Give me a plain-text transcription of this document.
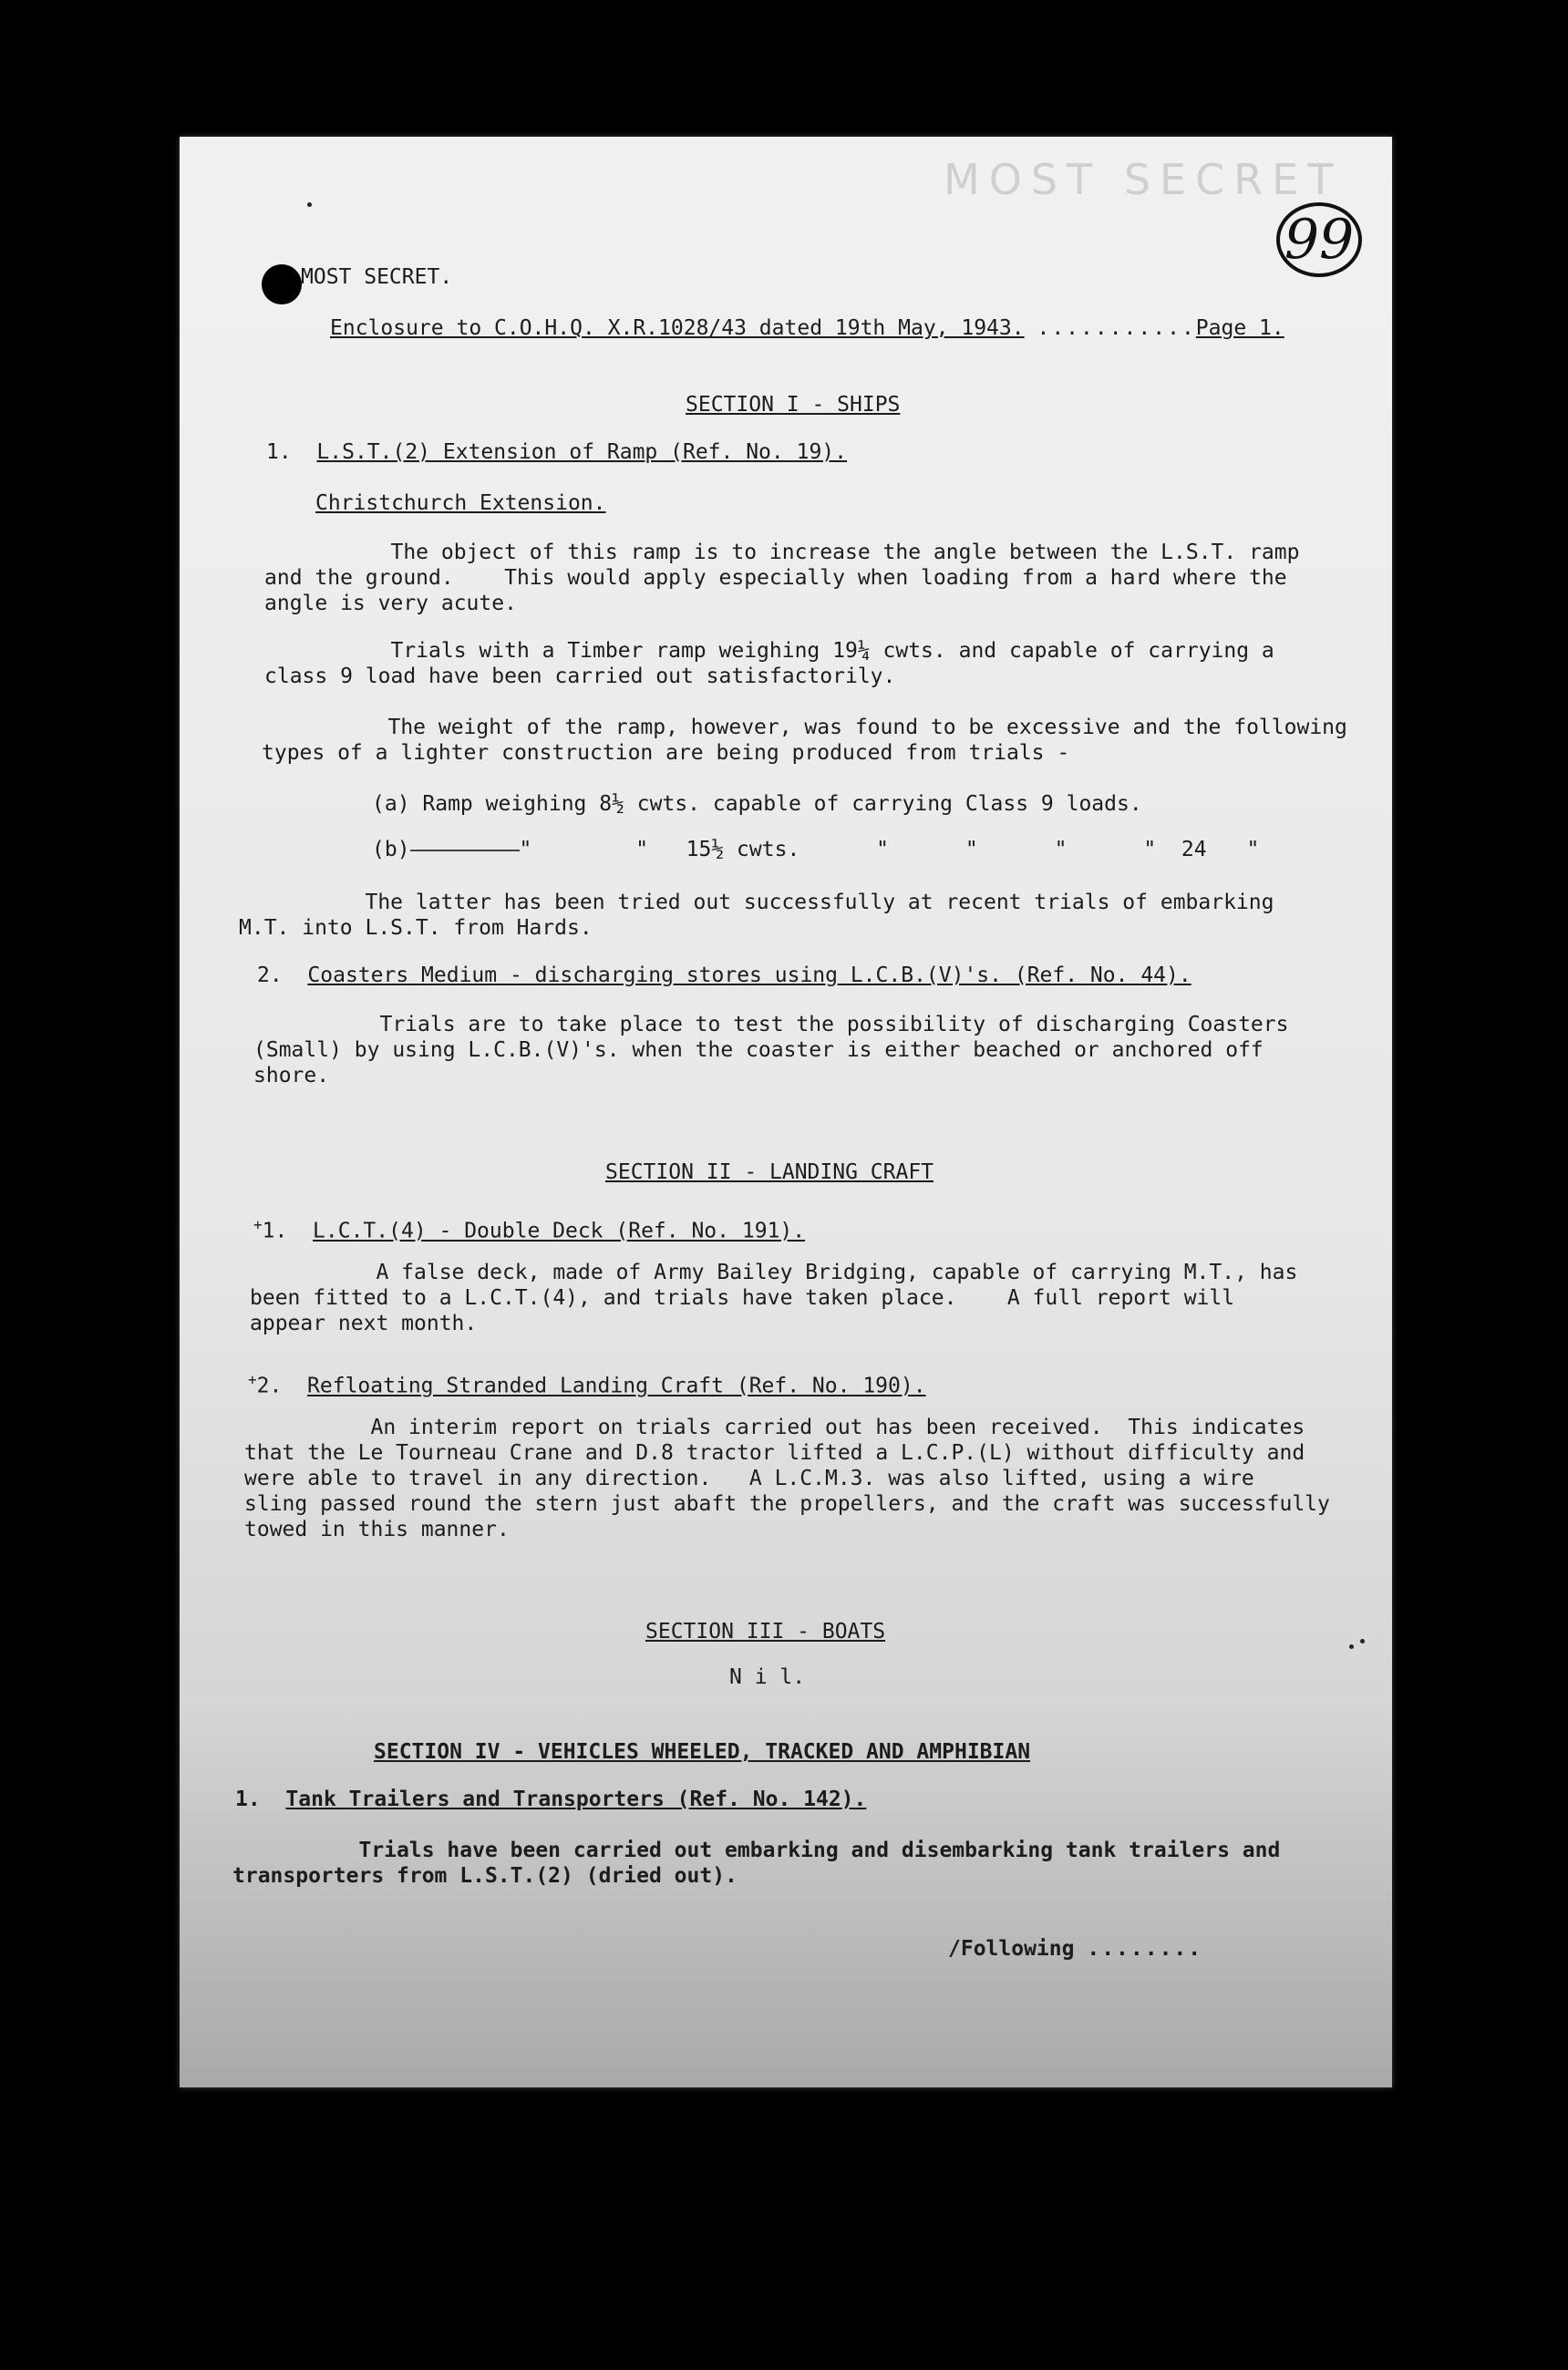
MOST SECRET
99

MOST SECRET.

Enclosure to C.O.H.Q. X.R.1028/43 dated 19th May, 1943. ...........Page 1.

SECTION I - SHIPS

1. L.S.T.(2) Extension of Ramp (Ref. No. 19).

Christchurch Extension.

The object of this ramp is to increase the angle between the L.S.T. ramp
and the ground.    This would apply especially when loading from a hard where the
angle is very acute.

Trials with a Timber ramp weighing 19¼ cwts. and capable of carrying a
class 9 load have been carried out satisfactorily.

The weight of the ramp, however, was found to be excessive and the following
types of a lighter construction are being produced from trials -

(a) Ramp weighing 8½ cwts. capable of carrying Class 9 loads.

(b)	"	" 15½ cwts.	"	"	"	" 24 "

The latter has been tried out successfully at recent trials of embarking
M.T. into L.S.T. from Hards.

2. Coasters Medium - discharging stores using L.C.B.(V)'s. (Ref. No. 44).

Trials are to take place to test the possibility of discharging Coasters
(Small) by using L.C.B.(V)'s. when the coaster is either beached or anchored off
shore.

SECTION II - LANDING CRAFT

+1. L.C.T.(4) - Double Deck (Ref. No. 191).

A false deck, made of Army Bailey Bridging, capable of carrying M.T., has
been fitted to a L.C.T.(4), and trials have taken place.    A full report will
appear next month.

+2. Refloating Stranded Landing Craft (Ref. No. 190).

An interim report on trials carried out has been received.  This indicates
that the Le Tourneau Crane and D.8 tractor lifted a L.C.P.(L) without difficulty and
were able to travel in any direction.   A L.C.M.3. was also lifted, using a wire
sling passed round the stern just abaft the propellers, and the craft was successfully
towed in this manner.

SECTION III - BOATS

N i l.

SECTION IV - VEHICLES WHEELED, TRACKED AND AMPHIBIAN

1. Tank Trailers and Transporters (Ref. No. 142).

Trials have been carried out embarking and disembarking tank trailers and
transporters from L.S.T.(2) (dried out).

/Following ........
